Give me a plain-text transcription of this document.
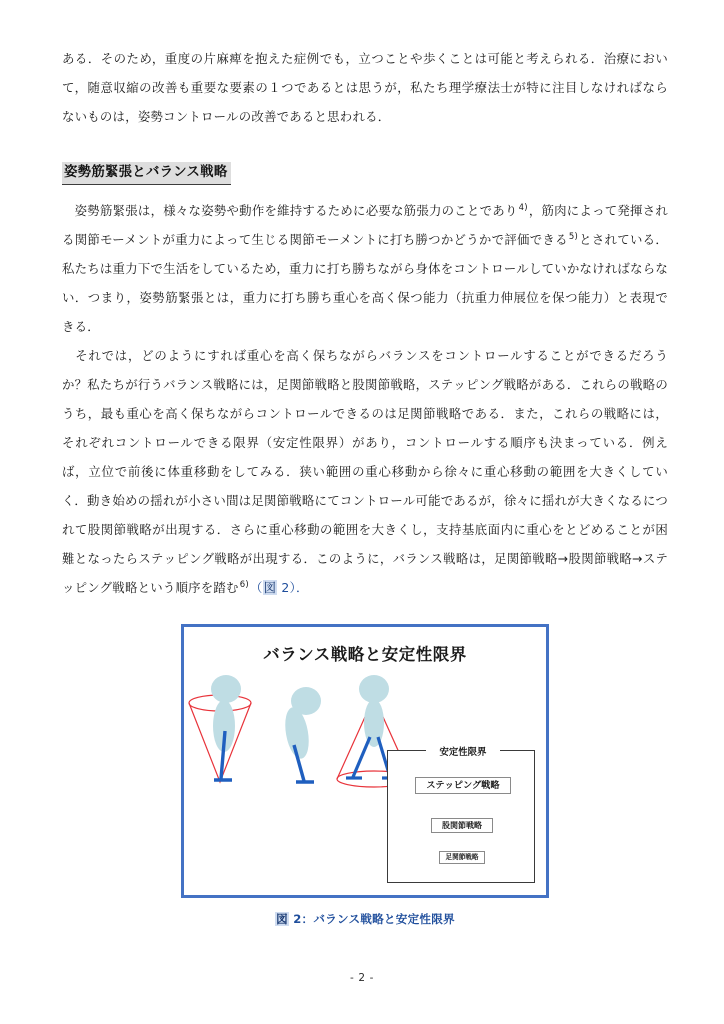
ある．そのため，重度の片麻痺を抱えた症例でも，立つことや歩くことは可能と考えられる．治療において，随意収縮の改善も重要な要素の１つであるとは思うが，私たち理学療法士が特に注目しなければならないものは，姿勢コントロールの改善であると思われる．

姿勢筋緊張とバランス戦略

　姿勢筋緊張は，様々な姿勢や動作を維持するために必要な筋張力のことであり$^{4)}$，筋肉によって発揮される関節モーメントが重力によって生じる関節モーメントに打ち勝つかどうかで評価できる$^{5)}$とされている．私たちは重力下で生活をしているため，重力に打ち勝ちながら身体をコントロールしていかなければならない．つまり，姿勢筋緊張とは，重力に打ち勝ち重心を高く保つ能力（抗重力伸展位を保つ能力）と表現できる．

　それでは，どのようにすれば重心を高く保ちながらバランスをコントロールすることができるだろうか？私たちが行うバランス戦略には，足関節戦略と股関節戦略，ステッピング戦略がある．これらの戦略のうち，最も重心を高く保ちながらコントロールできるのは足関節戦略である．また，これらの戦略には，それぞれコントロールできる限界（安定性限界）があり，コントロールする順序も決まっている．例えば，立位で前後に体重移動をしてみる．狭い範囲の重心移動から徐々に重心移動の範囲を大きくしていく．動き始めの揺れが小さい間は足関節戦略にてコントロール可能であるが，徐々に揺れが大きくなるにつれて股関節戦略が出現する．さらに重心移動の範囲を大きくし，支持基底面内に重心をとどめることが困難となったらステッピング戦略が出現する．このように，バランス戦略は，足関節戦略→股関節戦略→ステッピング戦略という順序を踏む$^{6)}$（図 2）．

バランス戦略と安定性限界
安定性限界
ステッピング戦略
股関節戦略
足関節戦略
図 2：バランス戦略と安定性限界
- 2 -
